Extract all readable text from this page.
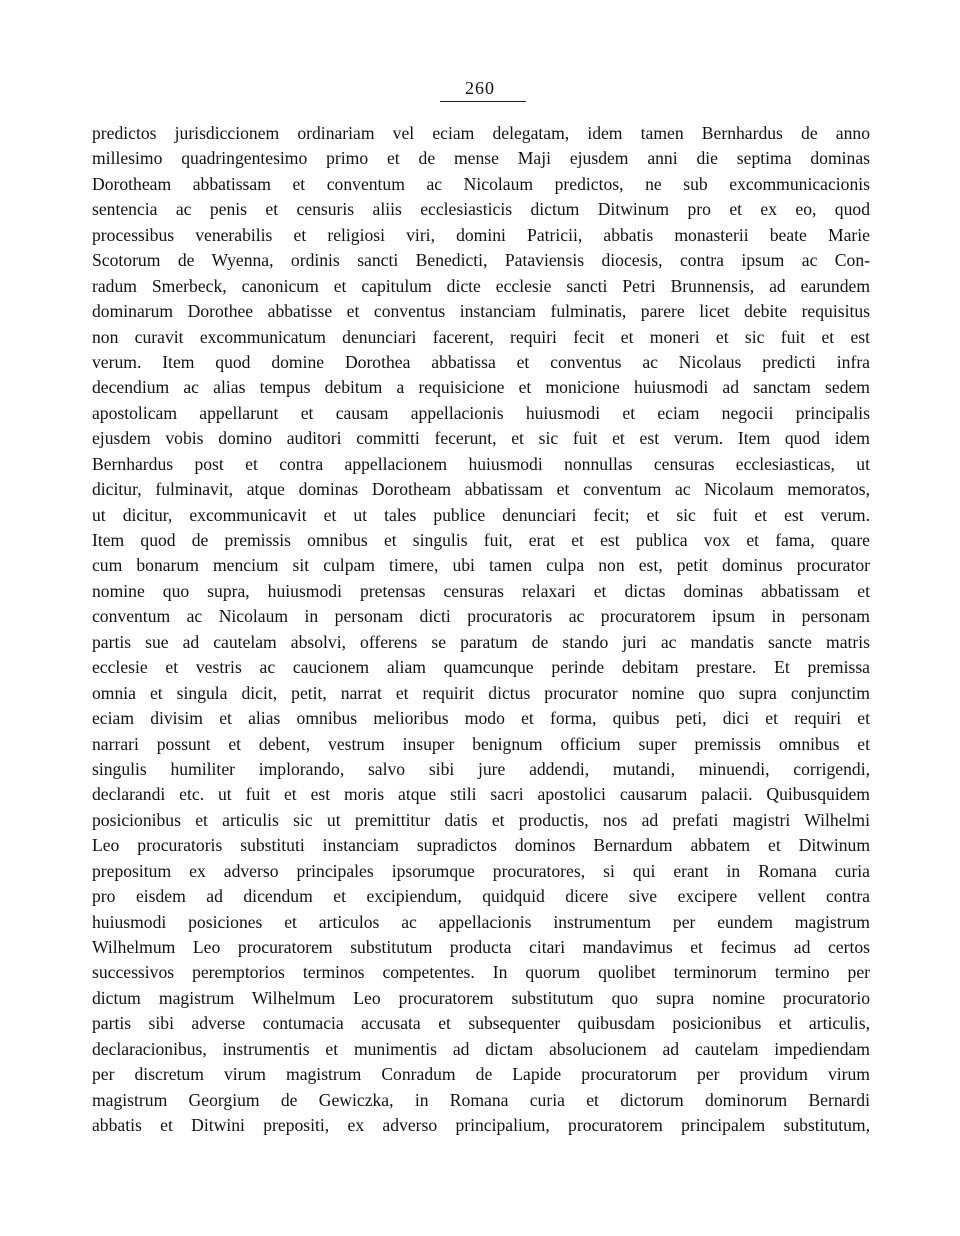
260
predictos jurisdiccionem ordinariam vel eciam delegatam, idem tamen Bernhardus de anno
millesimo quadringentesimo primo et de mense Maji ejusdem anni die septima dominas
Dorotheam abbatissam et conventum ac Nicolaum predictos, ne sub excommunicacionis
sentencia ac penis et censuris aliis ecclesiasticis dictum Ditwinum pro et ex eo, quod
processibus venerabilis et religiosi viri, domini Patricii, abbatis monasterii beate Marie
Scotorum de Wyenna, ordinis sancti Benedicti, Pataviensis diocesis, contra ipsum ac Con-
radum Smerbeck, canonicum et capitulum dicte ecclesie sancti Petri Brunnensis, ad earundem
dominarum Dorothee abbatisse et conventus instanciam fulminatis, parere licet debite requisitus
non curavit excommunicatum denunciari facerent, requiri fecit et moneri et sic fuit et est
verum. Item quod domine Dorothea abbatissa et conventus ac Nicolaus predicti infra
decendium ac alias tempus debitum a requisicione et monicione huiusmodi ad sanctam sedem
apostolicam appellarunt et causam appellacionis huiusmodi et eciam negocii principalis
ejusdem vobis domino auditori committi fecerunt, et sic fuit et est verum. Item quod idem
Bernhardus post et contra appellacionem huiusmodi nonnullas censuras ecclesiasticas, ut
dicitur, fulminavit, atque dominas Dorotheam abbatissam et conventum ac Nicolaum memoratos,
ut dicitur, excommunicavit et ut tales publice denunciari fecit; et sic fuit et est verum.
Item quod de premissis omnibus et singulis fuit, erat et est publica vox et fama, quare
cum bonarum mencium sit culpam timere, ubi tamen culpa non est, petit dominus procurator
nomine quo supra, huiusmodi pretensas censuras relaxari et dictas dominas abbatissam et
conventum ac Nicolaum in personam dicti procuratoris ac procuratorem ipsum in personam
partis sue ad cautelam absolvi, offerens se paratum de stando juri ac mandatis sancte matris
ecclesie et vestris ac caucionem aliam quamcunque perinde debitam prestare. Et premissa
omnia et singula dicit, petit, narrat et requirit dictus procurator nomine quo supra conjunctim
eciam divisim et alias omnibus melioribus modo et forma, quibus peti, dici et requiri et
narrari possunt et debent, vestrum insuper benignum officium super premissis omnibus et
singulis humiliter implorando, salvo sibi jure addendi, mutandi, minuendi, corrigendi,
declarandi etc. ut fuit et est moris atque stili sacri apostolici causarum palacii. Quibusquidem
posicionibus et articulis sic ut premittitur datis et productis, nos ad prefati magistri Wilhelmi
Leo procuratoris substituti instanciam supradictos dominos Bernardum abbatem et Ditwinum
prepositum ex adverso principales ipsorumque procuratores, si qui erant in Romana curia
pro eisdem ad dicendum et excipiendum, quidquid dicere sive excipere vellent contra
huiusmodi posiciones et articulos ac appellacionis instrumentum per eundem magistrum
Wilhelmum Leo procuratorem substitutum producta citari mandavimus et fecimus ad certos
successivos peremptorios terminos competentes. In quorum quolibet terminorum termino per
dictum magistrum Wilhelmum Leo procuratorem substitutum quo supra nomine procuratorio
partis sibi adverse contumacia accusata et subsequenter quibusdam posicionibus et articulis,
declaracionibus, instrumentis et munimentis ad dictam absolucionem ad cautelam impediendam
per discretum virum magistrum Conradum de Lapide procuratorum per providum virum
magistrum Georgium de Gewiczka, in Romana curia et dictorum dominorum Bernardi
abbatis et Ditwini prepositi, ex adverso principalium, procuratorem principalem substitutum,
